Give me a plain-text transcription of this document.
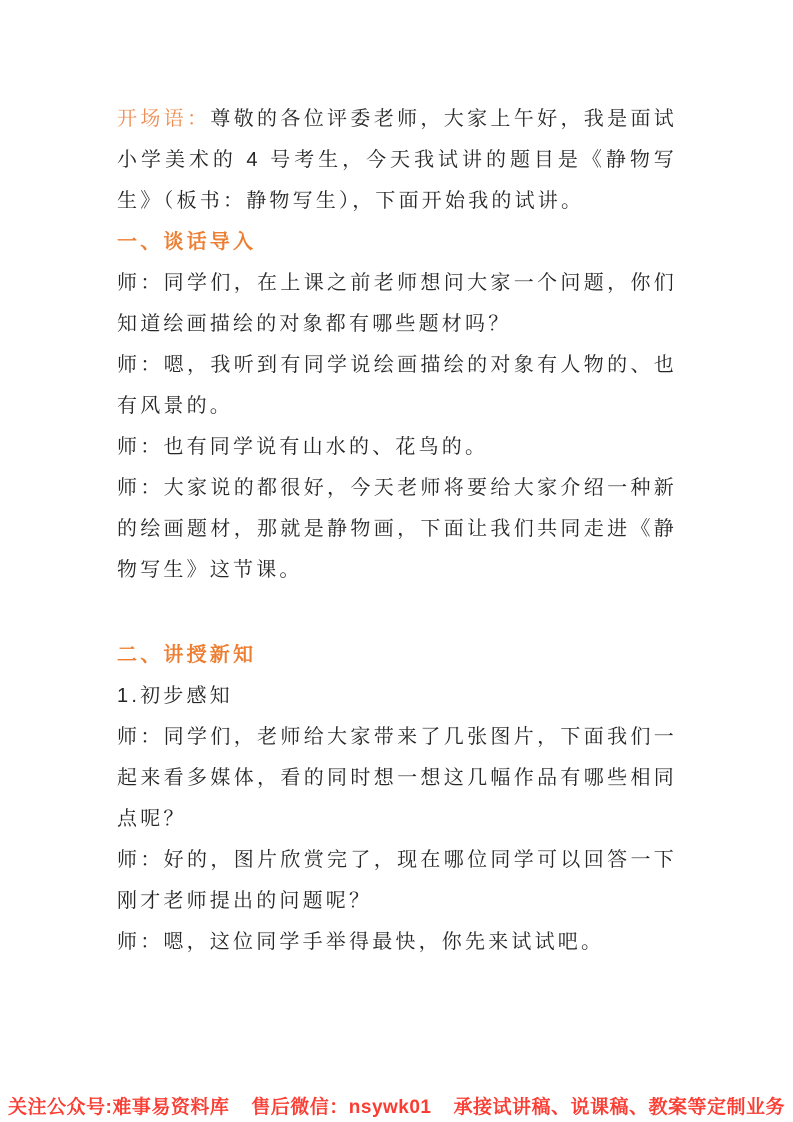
开场语：尊敬的各位评委老师，大家上午好，我是面试小学美术的 4 号考生，今天我试讲的题目是《静物写生》（板书：静物写生），下面开始我的试讲。

一、谈话导入

师：同学们，在上课之前老师想问大家一个问题，你们知道绘画描绘的对象都有哪些题材吗？

师：嗯，我听到有同学说绘画描绘的对象有人物的、也有风景的。

师：也有同学说有山水的、花鸟的。

师：大家说的都很好，今天老师将要给大家介绍一种新的绘画题材，那就是静物画，下面让我们共同走进《静物写生》这节课。

二、讲授新知

1.初步感知

师：同学们，老师给大家带来了几张图片，下面我们一起来看多媒体，看的同时想一想这几幅作品有哪些相同点呢？

师：好的，图片欣赏完了，现在哪位同学可以回答一下刚才老师提出的问题呢？

师：嗯，这位同学手举得最快，你先来试试吧。

关注公众号:难事易资料库 售后微信：nsywk01 承接试讲稿、说课稿、教案等定制业务
